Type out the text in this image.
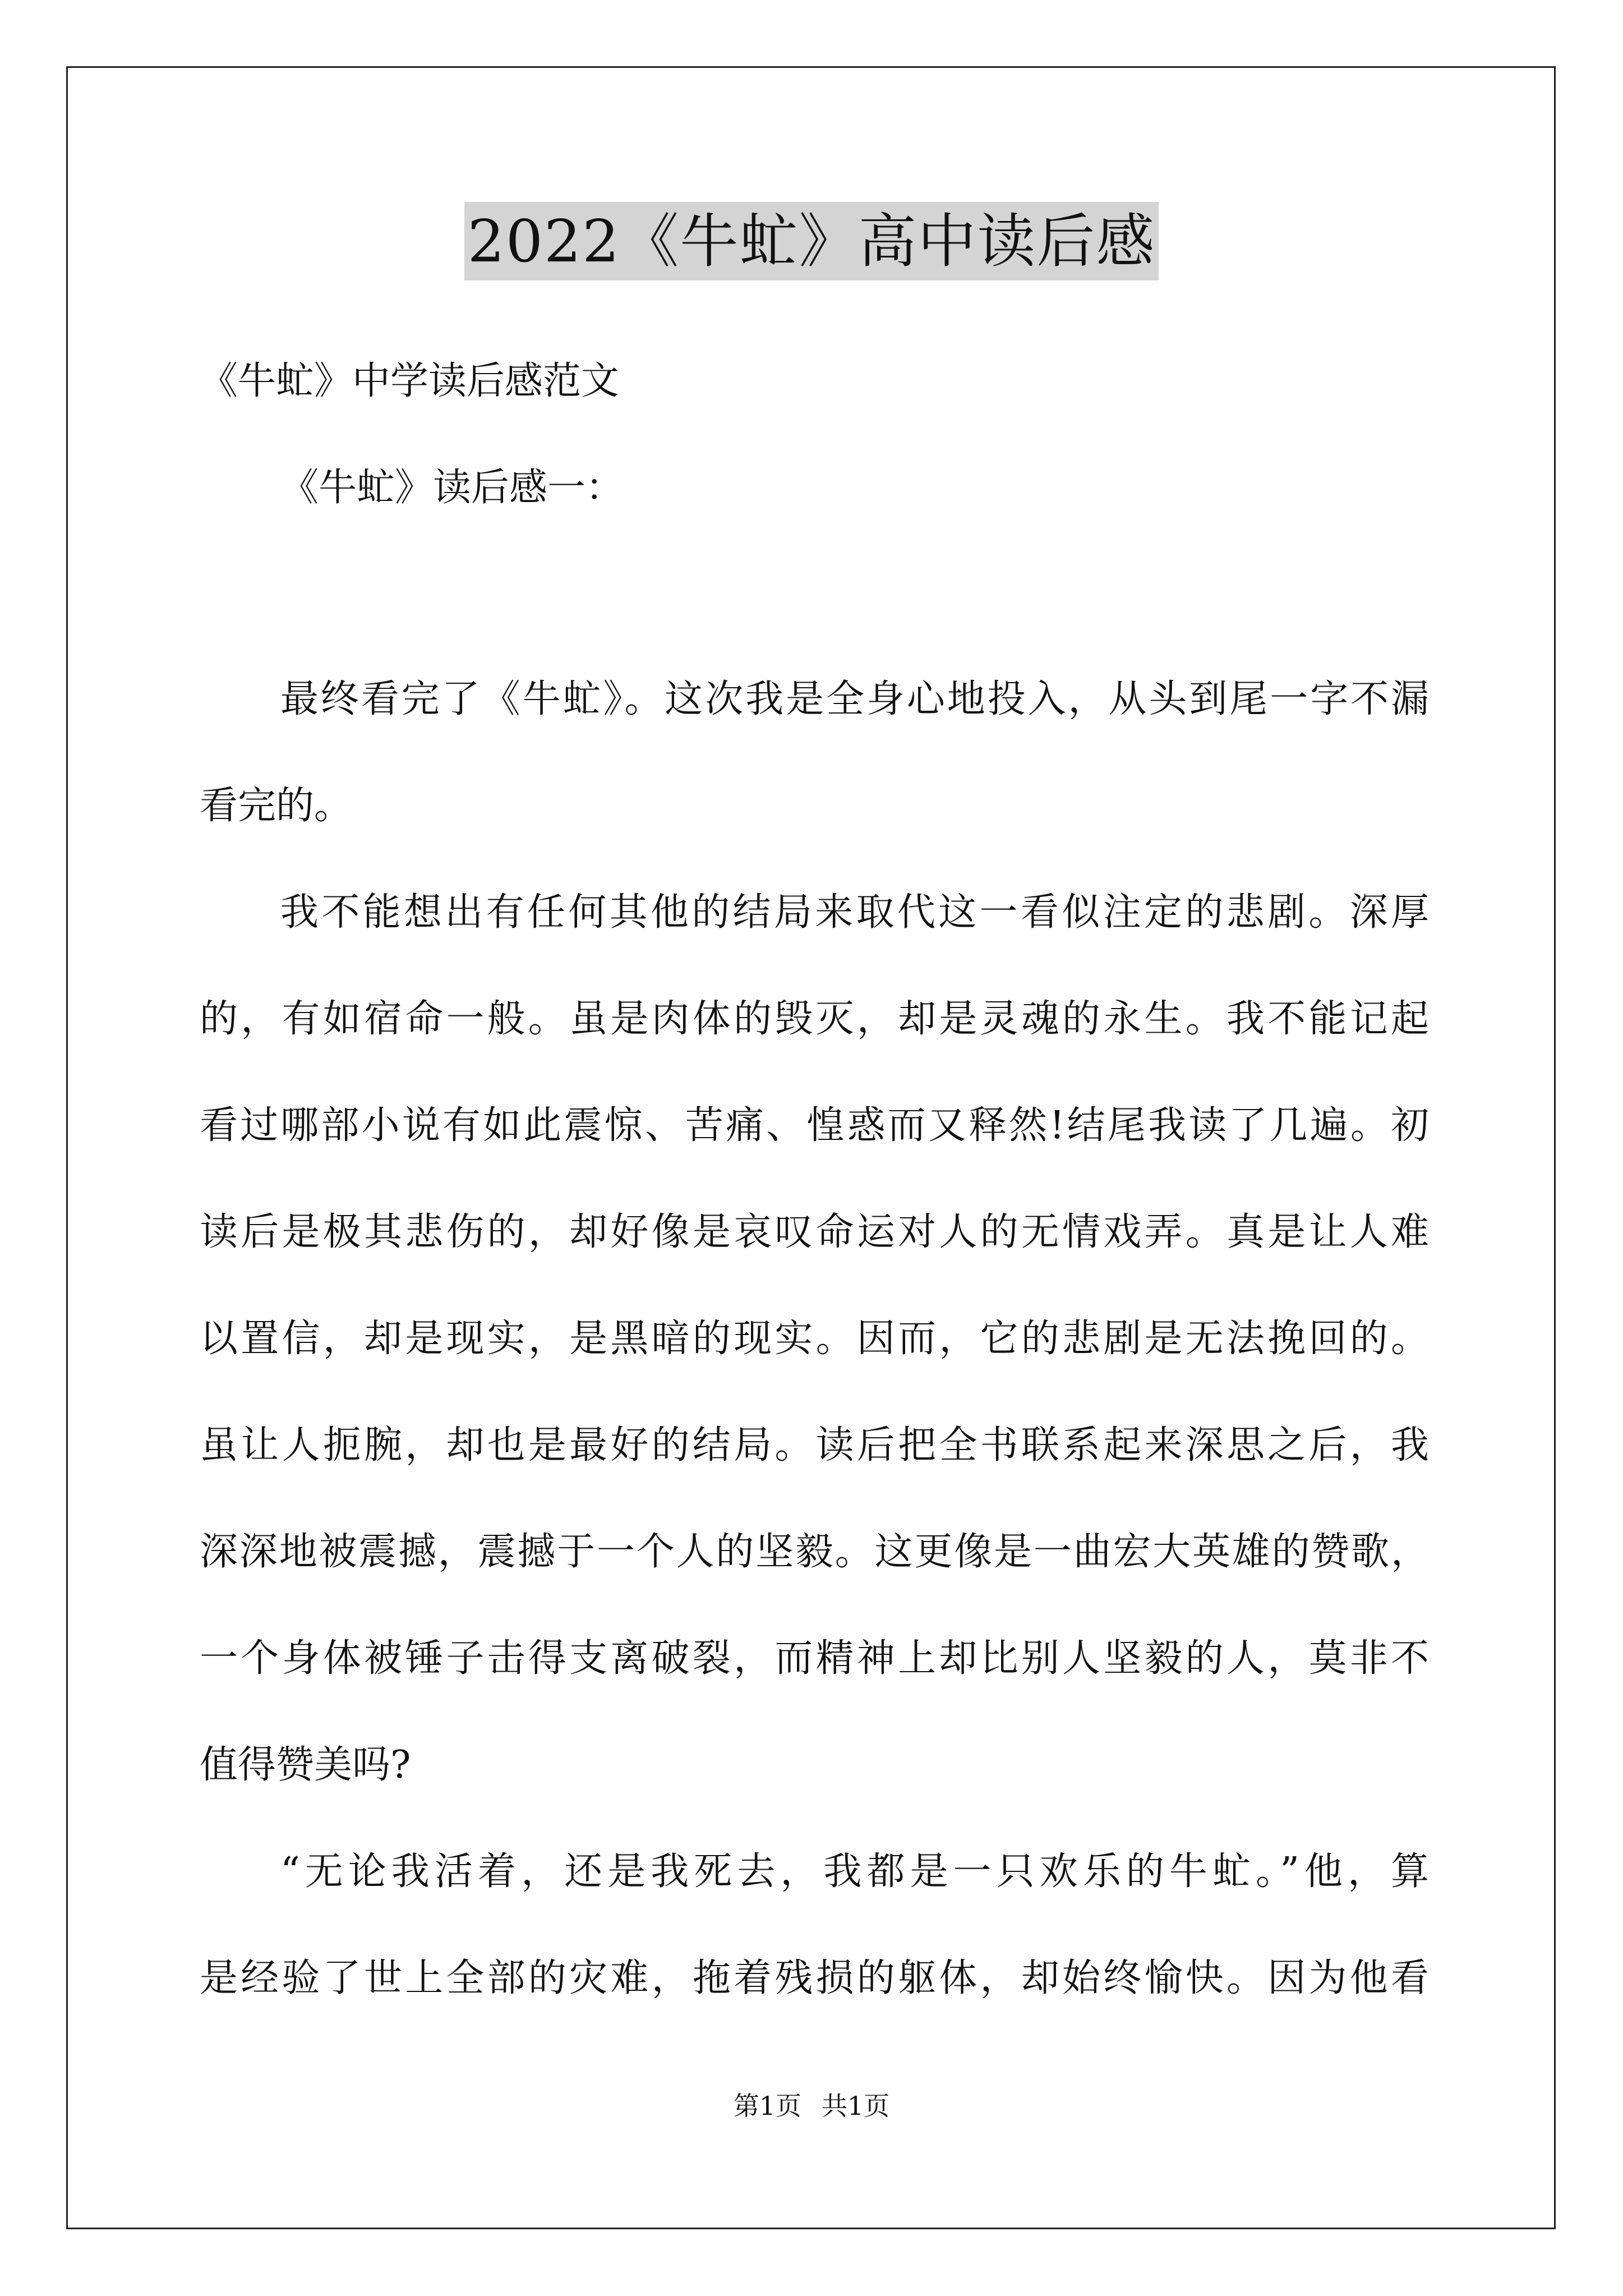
2022《牛虻》高中读后感
《牛虻》中学读后感范文
《牛虻》读后感一：
最终看完了《牛虻》。这次我是全身心地投入，从头到尾一字不漏
看完的。
我不能想出有任何其他的结局来取代这一看似注定的悲剧。深厚
的，有如宿命一般。虽是肉体的毁灭，却是灵魂的永生。我不能记起
看过哪部小说有如此震惊、苦痛、惶惑而又释然!结尾我读了几遍。初
读后是极其悲伤的，却好像是哀叹命运对人的无情戏弄。真是让人难
以置信，却是现实，是黑暗的现实。因而，它的悲剧是无法挽回的。
虽让人扼腕，却也是最好的结局。读后把全书联系起来深思之后，我
深深地被震撼，震撼于一个人的坚毅。这更像是一曲宏大英雄的赞歌，
一个身体被锤子击得支离破裂，而精神上却比别人坚毅的人，莫非不
值得赞美吗?
“无论我活着，还是我死去，我都是一只欢乐的牛虻。”他，算
是经验了世上全部的灾难，拖着残损的躯体，却始终愉快。因为他看
第1页 共1页
